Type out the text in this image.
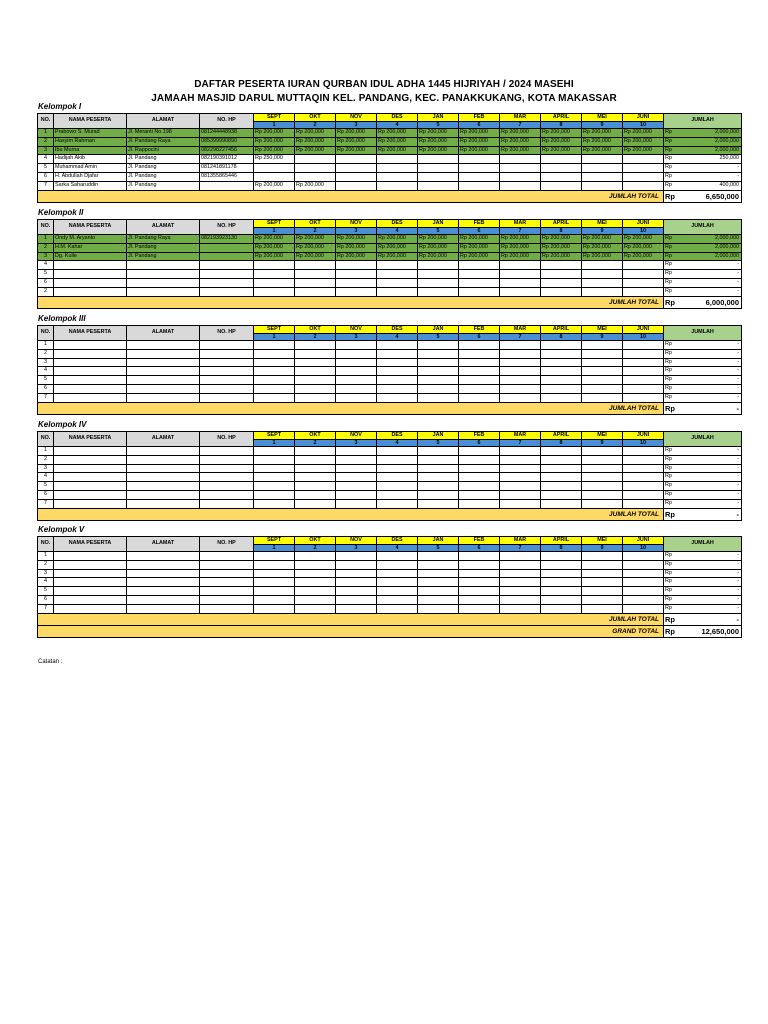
DAFTAR PESERTA IURAN QURBAN IDUL ADHA 1445 HIJRIYAH / 2024 MASEHI
JAMAAH MASJID DARUL MUTTAQIN KEL. PANDANG, KEC. PANAKKUKANG, KOTA MAKASSAR
Kelompok I
NO.	NAMA PESERTA	ALAMAT	NO. HP	SEPT	OKT	NOV	DES	JAN	FEB	MAR	APRIL	MEI	JUNI	JUMLAH
				1	2	3	4	5	6	7	8	9	10	
1	Prabowo S. Murad	Jl. Meranti No.198	081244448938	Rp 200,000	Rp 200,000	Rp 200,000	Rp 200,000	Rp 200,000	Rp 200,000	Rp 200,000	Rp 200,000	Rp 200,000	Rp 200,000	Rp 2,000,000

2	Hasyim Rahman	Jl. Pandang Raya	085399990890	Rp 200,000	Rp 200,000	Rp 200,000	Rp 200,000	Rp 200,000	Rp 200,000	Rp 200,000	Rp 200,000	Rp 200,000	Rp 200,000	Rp 2,000,000

3	Ibu Murna	Jl. Rappocini	082298227456	Rp 200,000	Rp 200,000	Rp 200,000	Rp 200,000	Rp 200,000	Rp 200,000	Rp 200,000	Rp 200,000	Rp 200,000	Rp 200,000	Rp 2,000,000

4	Hadijah Akib	Jl. Pandang	082190391012	Rp 250,000										Rp 250,000

5	Muhammad Amin	Jl. Pandang	081241891178											Rp -

6	H. Abdullah Djafar	Jl. Pandang	081355865446											Rp -

7	Sarka Saharuddin	Jl. Pandang		Rp 200,000	Rp 200,000									Rp 400,000

JUMLAH TOTAL														Rp 6,650,000
Kelompok II
NO.	NAMA PESERTA	ALAMAT	NO. HP	SEPT	OKT	NOV	DES	JAN	FEB	MAR	APRIL	MEI	JUNI	JUMLAH
				1	2	3	4	5	6	7	8	9	10	
1	Ondy M. Aryanto	Jl. Pandang Raya	082193923130	Rp 200,000	Rp 200,000	Rp 200,000	Rp 200,000	Rp 200,000	Rp 200,000	Rp 200,000	Rp 200,000	Rp 200,000	Rp 200,000	Rp 2,000,000

2	H.M. Kahar	Jl. Pandang		Rp 200,000	Rp 200,000	Rp 200,000	Rp 200,000	Rp 200,000	Rp 200,000	Rp 200,000	Rp 200,000	Rp 200,000	Rp 200,000	Rp 2,000,000

3	Dg. Kulle	Jl. Pandang		Rp 200,000	Rp 200,000	Rp 200,000	Rp 200,000	Rp 200,000	Rp 200,000	Rp 200,000	Rp 200,000	Rp 200,000	Rp 200,000	Rp 2,000,000

4														Rp -

5														Rp -

6														Rp -

2														Rp -

JUMLAH TOTAL														Rp 6,000,000
Kelompok III
NO.	NAMA PESERTA	ALAMAT	NO. HP	SEPT	OKT	NOV	DES	JAN	FEB	MAR	APRIL	MEI	JUNI	JUMLAH
				1	2	3	4	5	6	7	8	9	10	
1														Rp -

2														Rp -

3														Rp -

4														Rp -

5														Rp -

6														Rp -

7														Rp -

JUMLAH TOTAL														Rp -
Kelompok IV
NO.	NAMA PESERTA	ALAMAT	NO. HP	SEPT	OKT	NOV	DES	JAN	FEB	MAR	APRIL	MEI	JUNI	JUMLAH
				1	2	3	4	5	6	7	8	9	10	
1														Rp -

2														Rp -

3														Rp -

4														Rp -

5														Rp -

6														Rp -

7														Rp -

JUMLAH TOTAL														Rp -
Kelompok V
NO.	NAMA PESERTA	ALAMAT	NO. HP	SEPT	OKT	NOV	DES	JAN	FEB	MAR	APRIL	MEI	JUNI	JUMLAH
				1	2	3	4	5	6	7	8	9	10	
1														Rp -

2														Rp -

3														Rp -

4														Rp -

5														Rp -

6														Rp -

7														Rp -

JUMLAH TOTAL														Rp -

GRAND TOTAL														Rp 12,650,000
Catatan :
